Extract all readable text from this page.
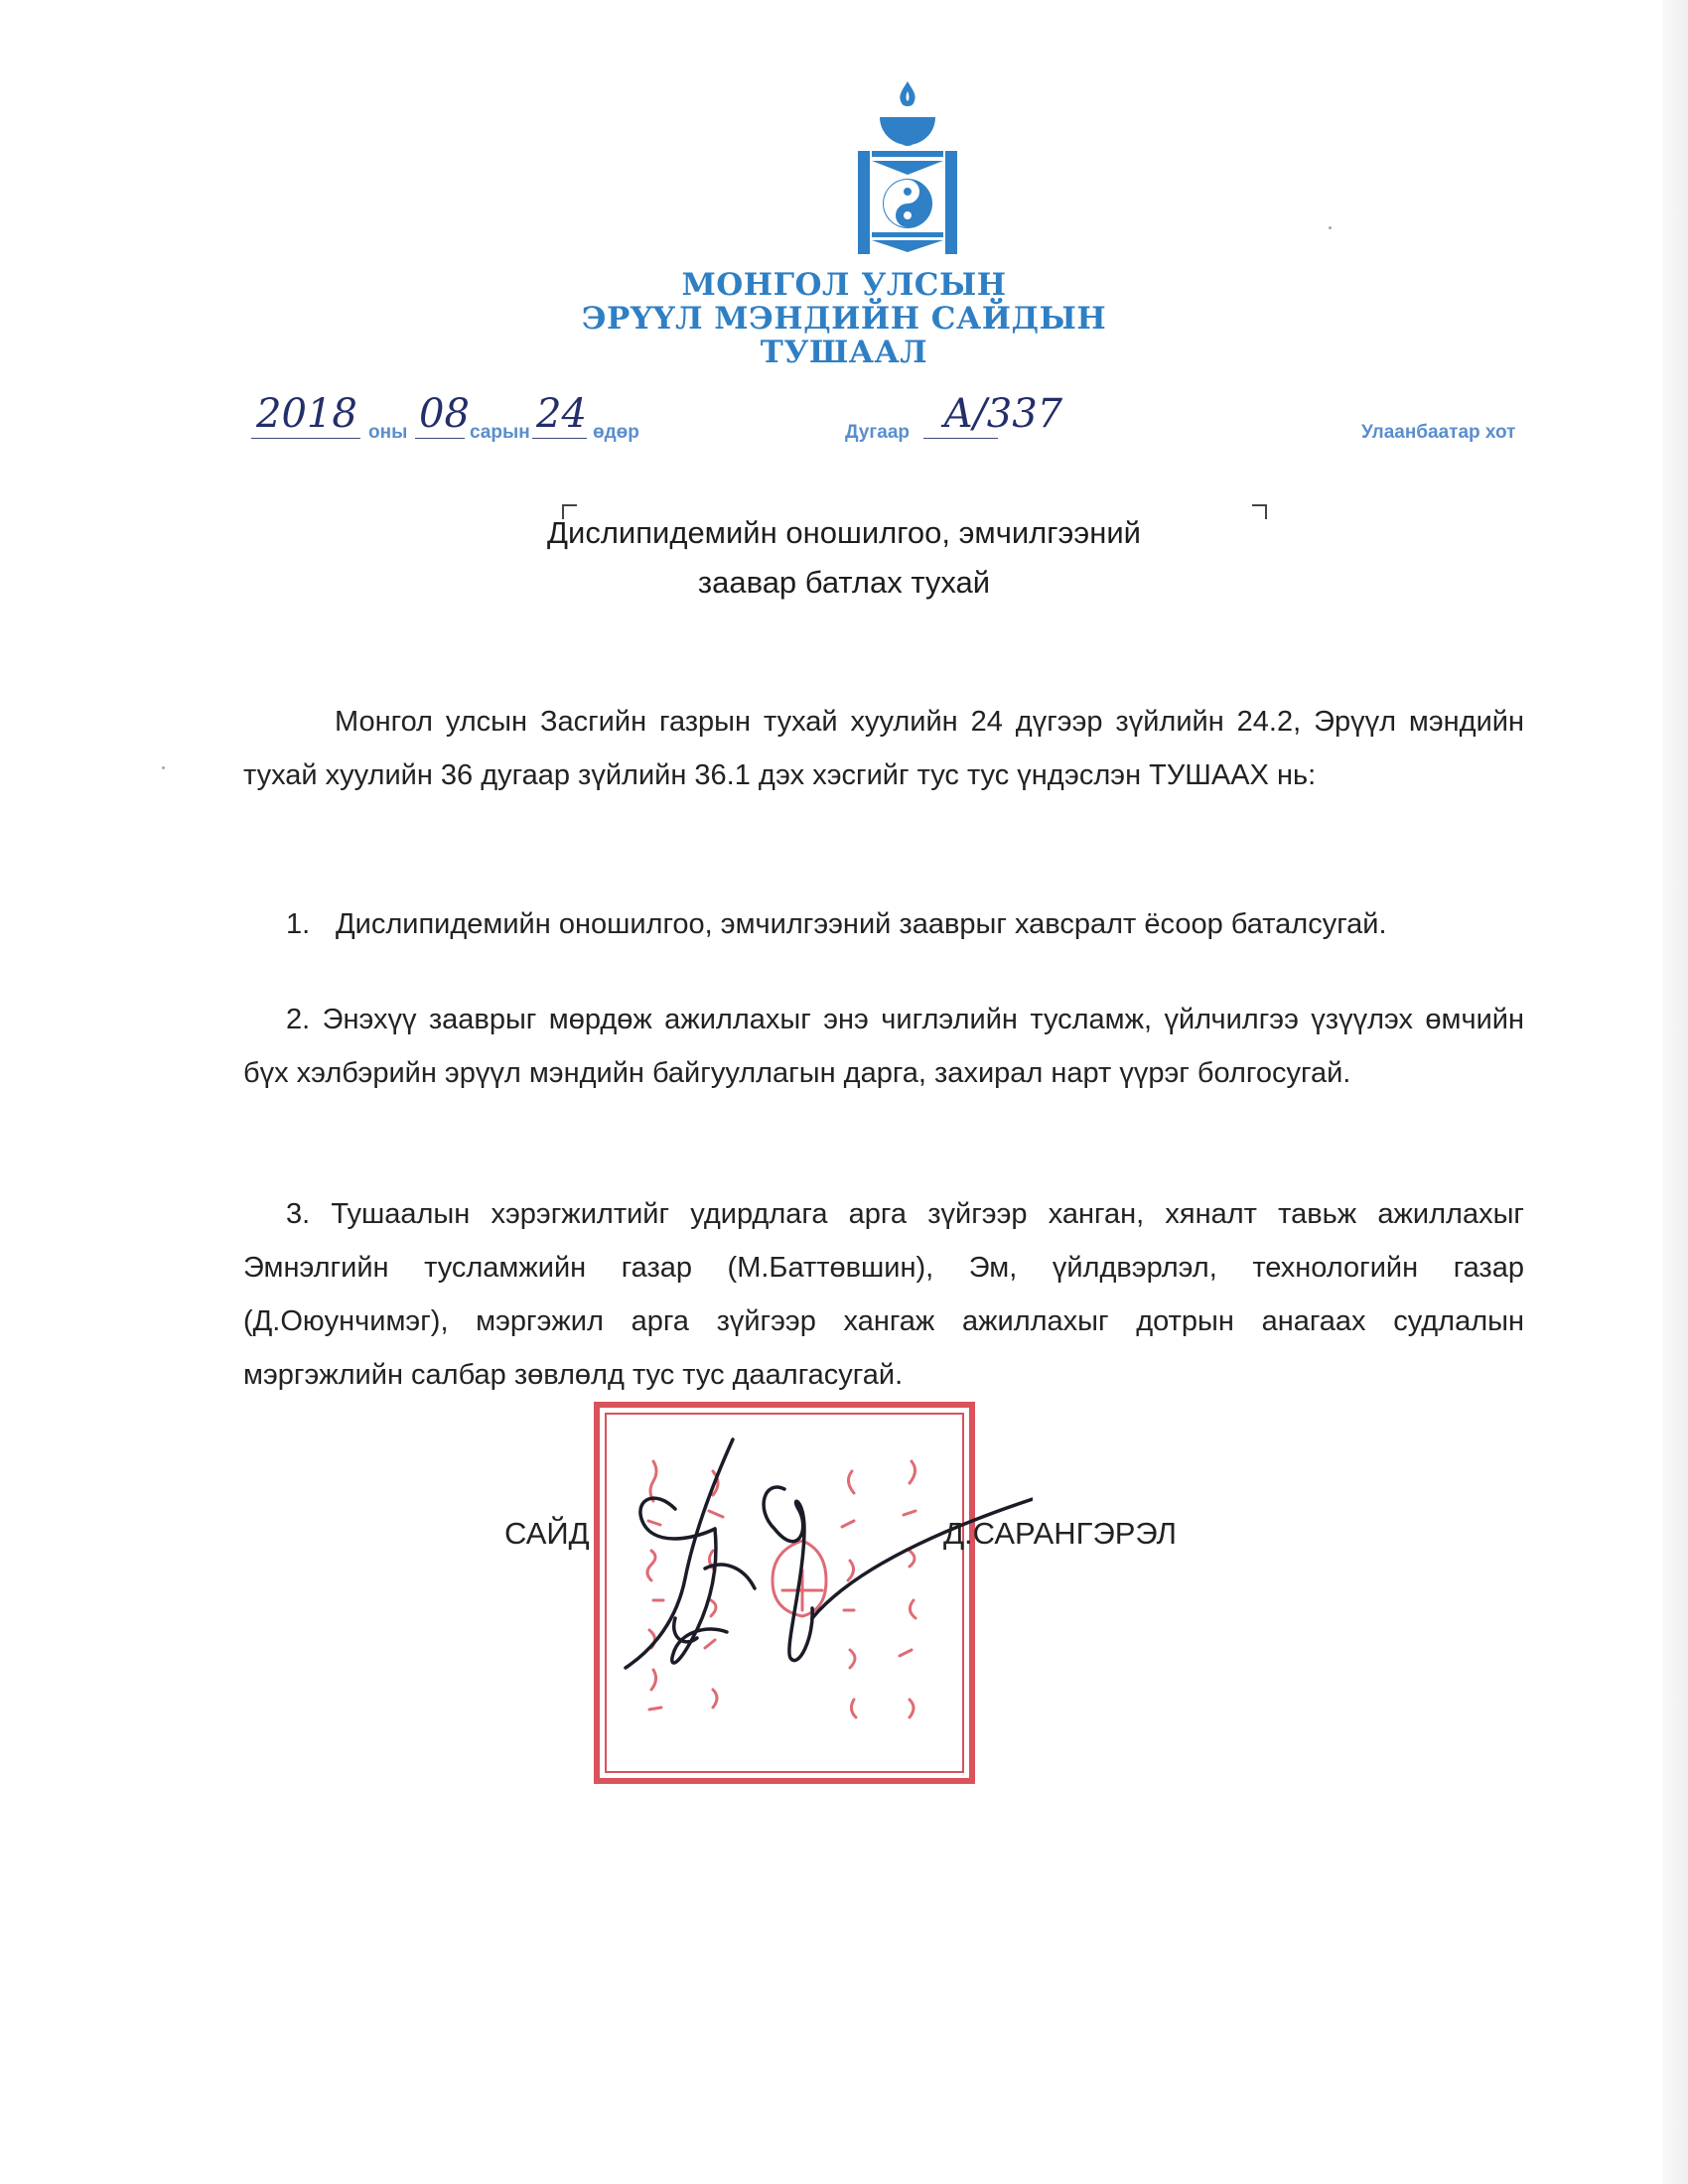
МОНГОЛ УЛСЫН
ЭРҮҮЛ МЭНДИЙН САЙДЫН
ТУШААЛ
2018 оны 08 сарын 24 өдөр	Дугаар А/337	Улаанбаатар хот
Дислипидемийн оношилгоо, эмчилгээний
заавар батлах тухай

Монгол улсын Засгийн газрын тухай хуулийн 24 дүгээр зүйлийн 24.2, Эрүүл мэндийн тухай хуулийн 36 дугаар зүйлийн 36.1 дэх хэсгийг тус тус үндэслэн ТУШААХ нь:

1. Дислипидемийн оношилгоо, эмчилгээний зааврыг хавсралт ёсоор баталсугай.

2. Энэхүү зааврыг мөрдөж ажиллахыг энэ чиглэлийн тусламж, үйлчилгээ үзүүлэх өмчийн бүх хэлбэрийн эрүүл мэндийн байгууллагын дарга, захирал нарт үүрэг болгосугай.

3. Тушаалын хэрэгжилтийг удирдлага арга зүйгээр ханган, хяналт тавьж ажиллахыг Эмнэлгийн тусламжийн газар (М.Баттөвшин), Эм, үйлдвэрлэл, технологийн газар (Д.Оюунчимэг), мэргэжил арга зүйгээр хангаж ажиллахыг дотрын анагаах судлалын мэргэжлийн салбар зөвлөлд тус тус даалгасугай.

САЙД	Д.САРАНГЭРЭЛ
